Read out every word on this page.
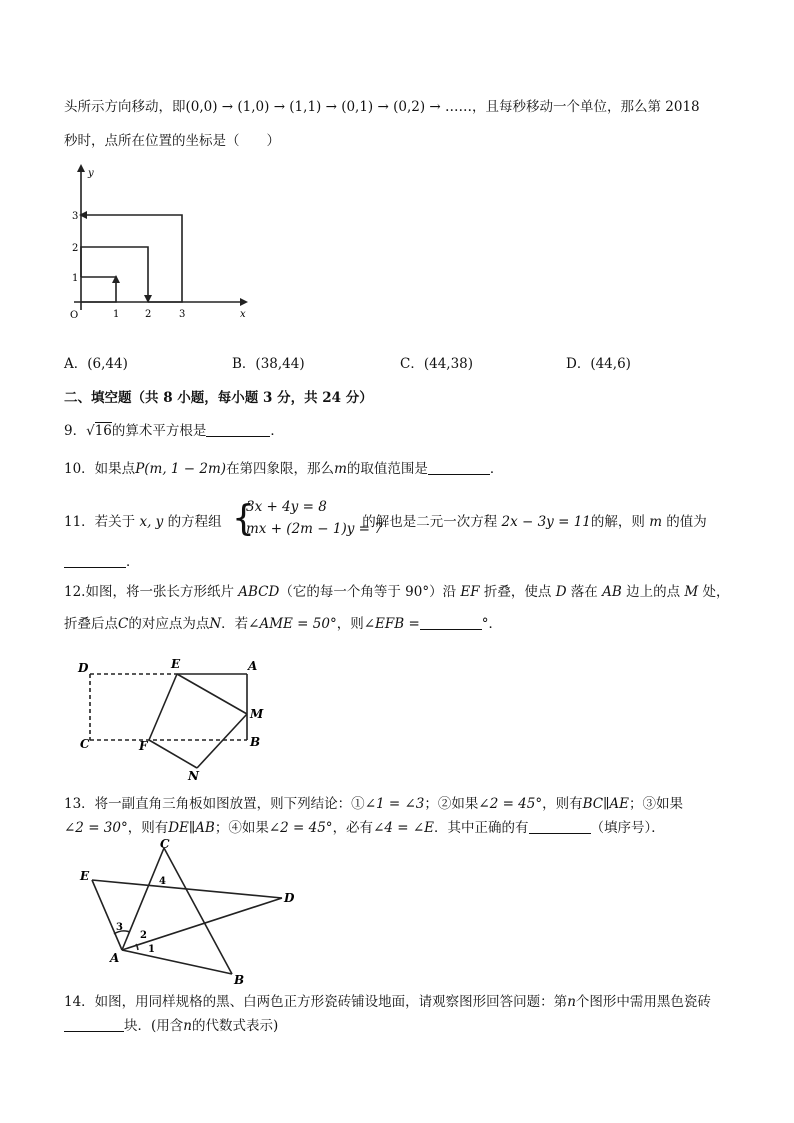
头所示方向移动，即(0,0) → (1,0) → (1,1) → (0,1) → (0,2) → ……，且每秒移动一个单位，那么第 2018
秒时，点所在位置的坐标是（　　）
y
x
O	1	2	3
1
2
3
A．(6,44)	B．(38,44)	C．(44,38)	D．(44,6)
二、填空题（共 8 小题，每小题 3 分，共 24 分）
9．√16的算术平方根是	．
10．如果点P(m, 1 − 2m)在第四象限，那么m的取值范围是	．
11．若关于 x, y 的方程组	的解也是二元一次方程 2x − 3y = 11的解，则 m 的值为
{
3x + 4y = 8
mx + (2m − 1)y = 7
．
12.如图，将一张长方形纸片 ABCD（它的每一个角等于 90°）沿 EF 折叠，使点 D 落在 AB 边上的点 M 处，
折叠后点C的对应点为点N．若∠AME = 50°，则∠EFB =	°．
D	E	A
M
C	F	B
N
13．将一副直角三角板如图放置，则下列结论：①∠1 = ∠3；②如果∠2 = 45°，则有BC∥AE；③如果
∠2 = 30°，则有DE∥AB；④如果∠2 = 45°，必有∠4 = ∠E．其中正确的有	（填序号）．
C
E
D
A
B
1
2
3
4
14．如图，用同样规格的黑、白两色正方形瓷砖铺设地面，请观察图形回答问题：第n个图形中需用黑色瓷砖
块．(用含n的代数式表示)
